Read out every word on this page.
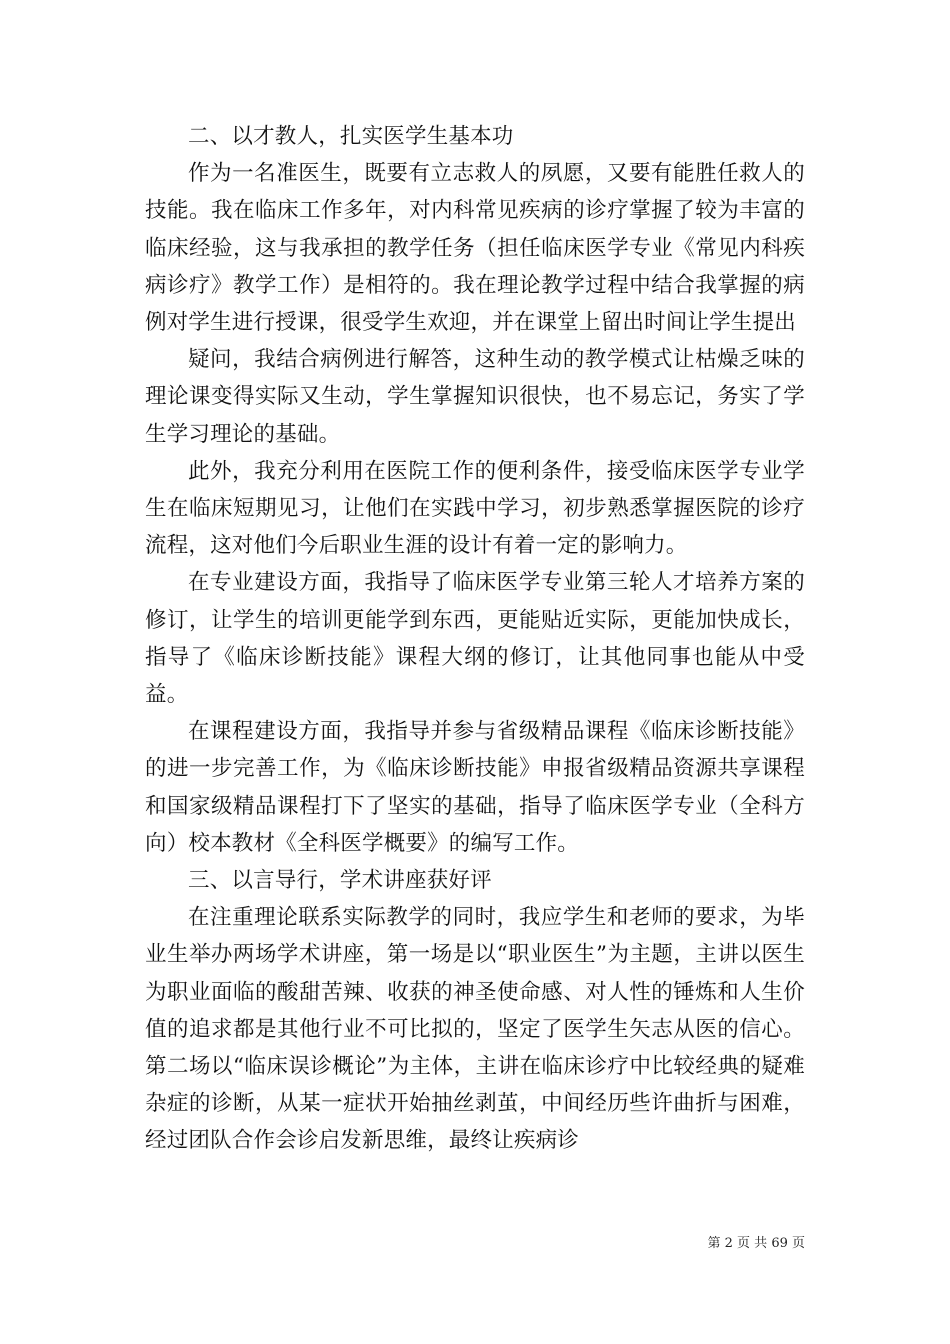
二、以才教人，扎实医学生基本功

作为一名准医生，既要有立志救人的夙愿，又要有能胜任救人的技能。我在临床工作多年，对内科常见疾病的诊疗掌握了较为丰富的临床经验，这与我承担的教学任务（担任临床医学专业《常见内科疾病诊疗》教学工作）是相符的。我在理论教学过程中结合我掌握的病例对学生进行授课，很受学生欢迎，并在课堂上留出时间让学生提出

疑问，我结合病例进行解答，这种生动的教学模式让枯燥乏味的理论课变得实际又生动，学生掌握知识很快，也不易忘记，务实了学生学习理论的基础。

此外，我充分利用在医院工作的便利条件，接受临床医学专业学生在临床短期见习，让他们在实践中学习，初步熟悉掌握医院的诊疗流程，这对他们今后职业生涯的设计有着一定的影响力。

在专业建设方面，我指导了临床医学专业第三轮人才培养方案的修订，让学生的培训更能学到东西，更能贴近实际，更能加快成长，指导了《临床诊断技能》课程大纲的修订，让其他同事也能从中受益。

在课程建设方面，我指导并参与省级精品课程《临床诊断技能》的进一步完善工作，为《临床诊断技能》申报省级精品资源共享课程和国家级精品课程打下了坚实的基础，指导了临床医学专业（全科方向）校本教材《全科医学概要》的编写工作。

三、以言导行，学术讲座获好评

在注重理论联系实际教学的同时，我应学生和老师的要求，为毕业生举办两场学术讲座，第一场是以“职业医生”为主题，主讲以医生为职业面临的酸甜苦辣、收获的神圣使命感、对人性的锤炼和人生价值的追求都是其他行业不可比拟的，坚定了医学生矢志从医的信心。第二场以“临床误诊概论”为主体，主讲在临床诊疗中比较经典的疑难杂症的诊断，从某一症状开始抽丝剥茧，中间经历些许曲折与困难，经过团队合作会诊启发新思维，最终让疾病诊

第 2 页 共 69 页
